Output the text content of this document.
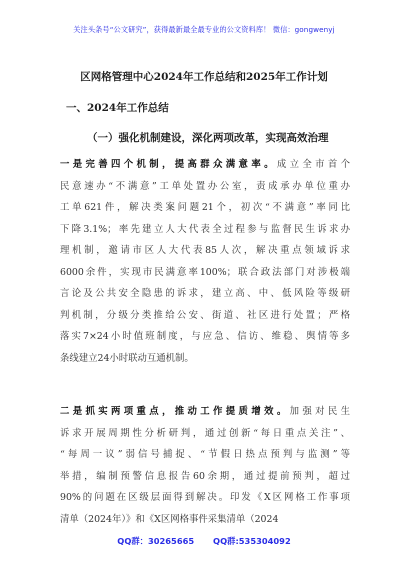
关注头条号“公文研究”，获得最新最全最专业的公文资料库！ 微信：gongwenyj
区网格管理中心2024年工作总结和2025年工作计划
一、2024年工作总结
（一）强化机制建设，深化两项改革，实现高效治理
一是完善四个机制，提高群众满意率。成立全市首个
民意速办“不满意”工单处置办公室，责成承办单位重办
工单621件，解决类案问题21个，初次“不满意”率同比
下降3.1%；率先建立人大代表全过程参与监督民生诉求办
理机制，邀请市区人大代表85人次，解决重点领域诉求
6000余件，实现市民满意率100%；联合政法部门对涉极端
言论及公共安全隐患的诉求，建立高、中、低风险等级研
判机制，分级分类推给公安、街道、社区进行处置；严格
落实7×24小时值班制度，与应急、信访、维稳、舆情等多
条线建立24小时联动互通机制。
二是抓实两项重点，推动工作提质增效。加强对民生
诉求开展周期性分析研判，通过创新“每日重点关注”、
“每周一议”弱信号捕捉、“节假日热点预判与监测”等
举措，编制预警信息报告60余期，通过提前预判，超过
90%的问题在区级层面得到解决。印发《X区网格工作事项
清单（2024年）》和《X区网格事件采集清单（2024
QQ群：30265665 QQ群:535304092
